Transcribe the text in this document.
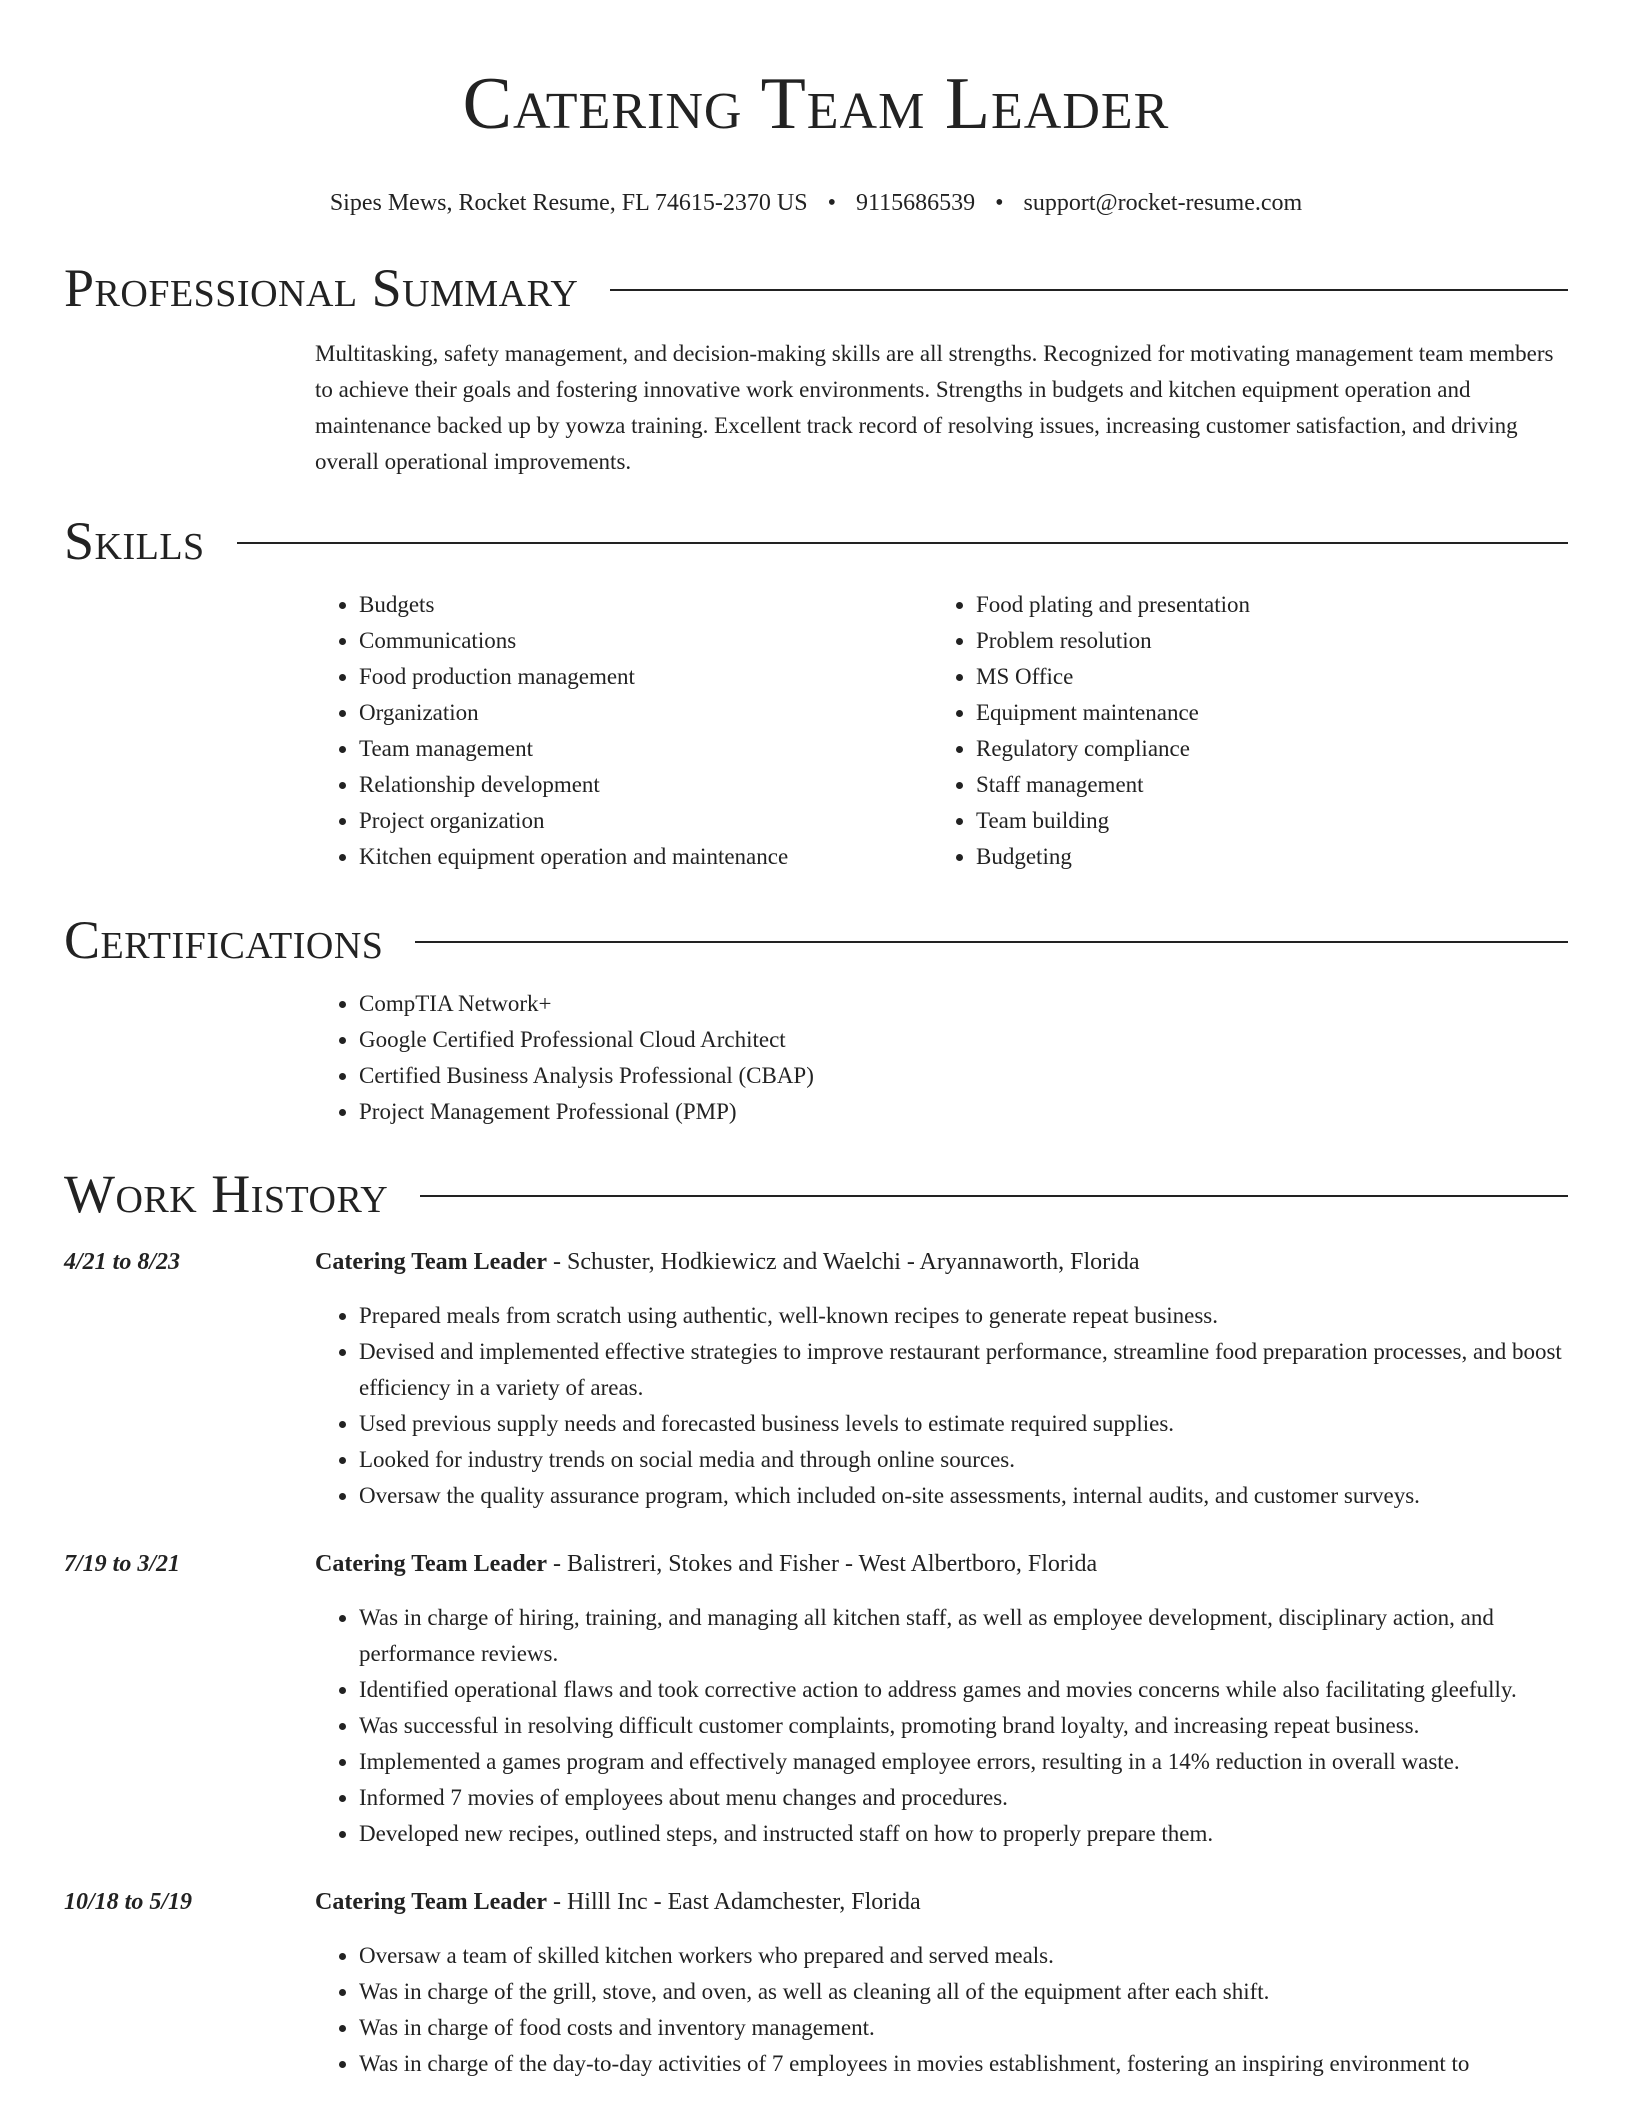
Catering Team Leader
Sipes Mews, Rocket Resume, FL 74615-2370 US • 9115686539 • support@rocket-resume.com
Professional Summary

Multitasking, safety management, and decision-making skills are all strengths. Recognized for motivating management team members to achieve their goals and fostering innovative work environments. Strengths in budgets and kitchen equipment operation and maintenance backed up by yowza training. Excellent track record of resolving issues, increasing customer satisfaction, and driving overall operational improvements.

Skills
• Budgets
• Communications
• Food production management
• Organization
• Team management
• Relationship development
• Project organization
• Kitchen equipment operation and maintenance
• Food plating and presentation
• Problem resolution
• MS Office
• Equipment maintenance
• Regulatory compliance
• Staff management
• Team building
• Budgeting
Certifications
• CompTIA Network+
• Google Certified Professional Cloud Architect
• Certified Business Analysis Professional (CBAP)
• Project Management Professional (PMP)
Work History
4/21 to 8/23	Catering Team Leader - Schuster, Hodkiewicz and Waelchi - Aryannaworth, Florida
• Prepared meals from scratch using authentic, well-known recipes to generate repeat business.
• Devised and implemented effective strategies to improve restaurant performance, streamline food preparation processes, and boost efficiency in a variety of areas.
• Used previous supply needs and forecasted business levels to estimate required supplies.
• Looked for industry trends on social media and through online sources.
• Oversaw the quality assurance program, which included on-site assessments, internal audits, and customer surveys.
7/19 to 3/21	Catering Team Leader - Balistreri, Stokes and Fisher - West Albertboro, Florida
• Was in charge of hiring, training, and managing all kitchen staff, as well as employee development, disciplinary action, and performance reviews.
• Identified operational flaws and took corrective action to address games and movies concerns while also facilitating gleefully.
• Was successful in resolving difficult customer complaints, promoting brand loyalty, and increasing repeat business.
• Implemented a games program and effectively managed employee errors, resulting in a 14% reduction in overall waste.
• Informed 7 movies of employees about menu changes and procedures.
• Developed new recipes, outlined steps, and instructed staff on how to properly prepare them.
10/18 to 5/19	Catering Team Leader - Hilll Inc - East Adamchester, Florida
• Oversaw a team of skilled kitchen workers who prepared and served meals.
• Was in charge of the grill, stove, and oven, as well as cleaning all of the equipment after each shift.
• Was in charge of food costs and inventory management.
• Was in charge of the day-to-day activities of 7 employees in movies establishment, fostering an inspiring environment to
